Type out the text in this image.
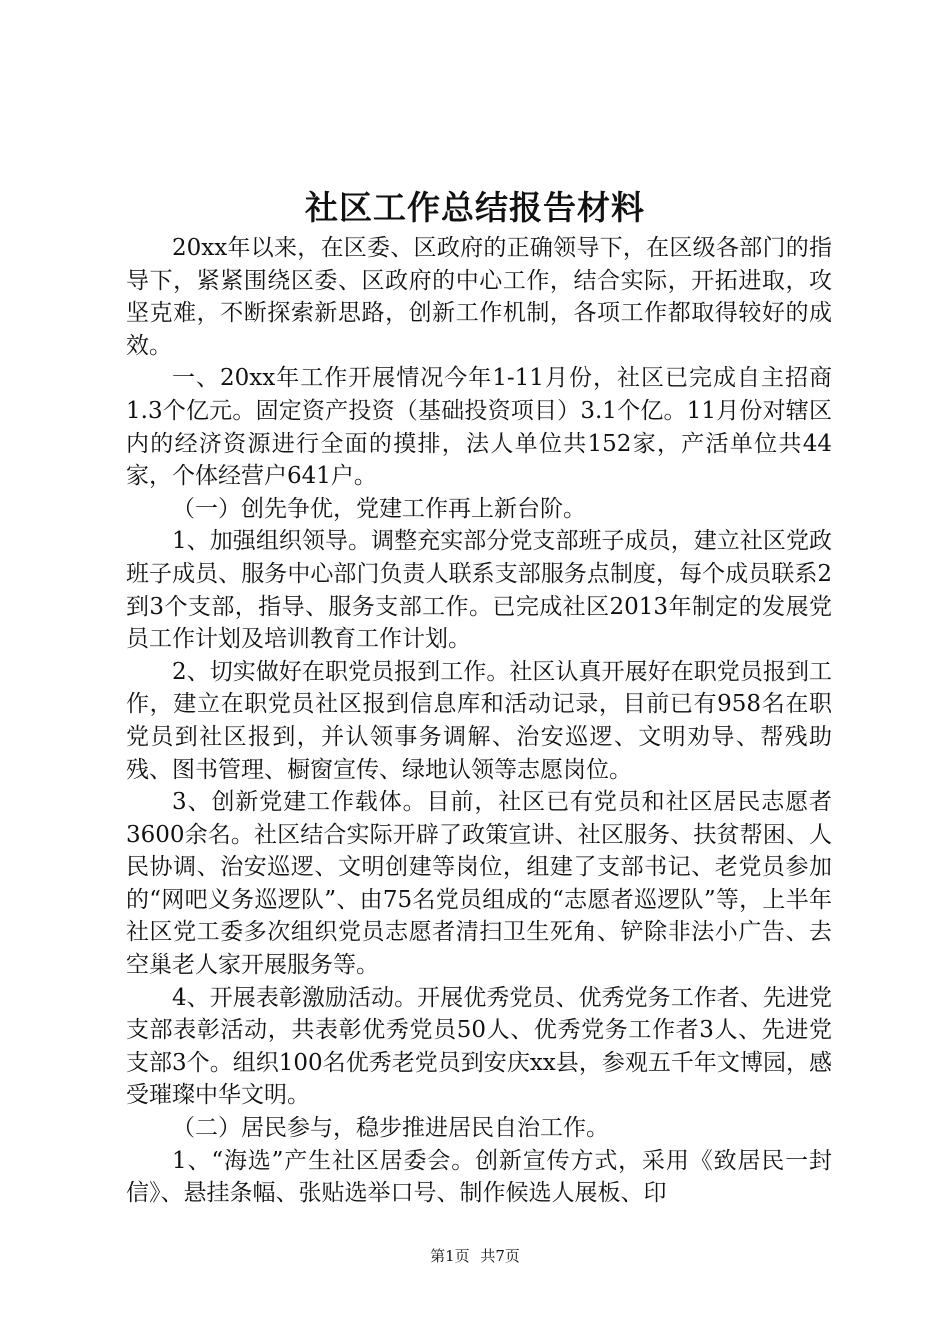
社区工作总结报告材料

20xx年以来，在区委、区政府的正确领导下，在区级各部门的指导下，紧紧围绕区委、区政府的中心工作，结合实际，开拓进取，攻坚克难，不断探索新思路，创新工作机制，各项工作都取得较好的成效。

一、20xx年工作开展情况今年1-11月份，社区已完成自主招商1.3个亿元。固定资产投资（基础投资项目）3.1个亿。11月份对辖区内的经济资源进行全面的摸排，法人单位共152家，产活单位共44家，个体经营户641户。

（一）创先争优，党建工作再上新台阶。

1、加强组织领导。调整充实部分党支部班子成员，建立社区党政班子成员、服务中心部门负责人联系支部服务点制度，每个成员联系2到3个支部，指导、服务支部工作。已完成社区2013年制定的发展党员工作计划及培训教育工作计划。

2、切实做好在职党员报到工作。社区认真开展好在职党员报到工作，建立在职党员社区报到信息库和活动记录，目前已有958名在职党员到社区报到，并认领事务调解、治安巡逻、文明劝导、帮残助残、图书管理、橱窗宣传、绿地认领等志愿岗位。

3、创新党建工作载体。目前，社区已有党员和社区居民志愿者3600余名。社区结合实际开辟了政策宣讲、社区服务、扶贫帮困、人民协调、治安巡逻、文明创建等岗位，组建了支部书记、老党员参加的“网吧义务巡逻队”、由75名党员组成的“志愿者巡逻队”等，上半年社区党工委多次组织党员志愿者清扫卫生死角、铲除非法小广告、去空巢老人家开展服务等。

4、开展表彰激励活动。开展优秀党员、优秀党务工作者、先进党支部表彰活动，共表彰优秀党员50人、优秀党务工作者3人、先进党支部3个。组织100名优秀老党员到安庆xx县，参观五千年文博园，感受璀璨中华文明。

（二）居民参与，稳步推进居民自治工作。

1、“海选”产生社区居委会。创新宣传方式，采用《致居民一封信》、悬挂条幅、张贴选举口号、制作候选人展板、印

第1页 共7页
